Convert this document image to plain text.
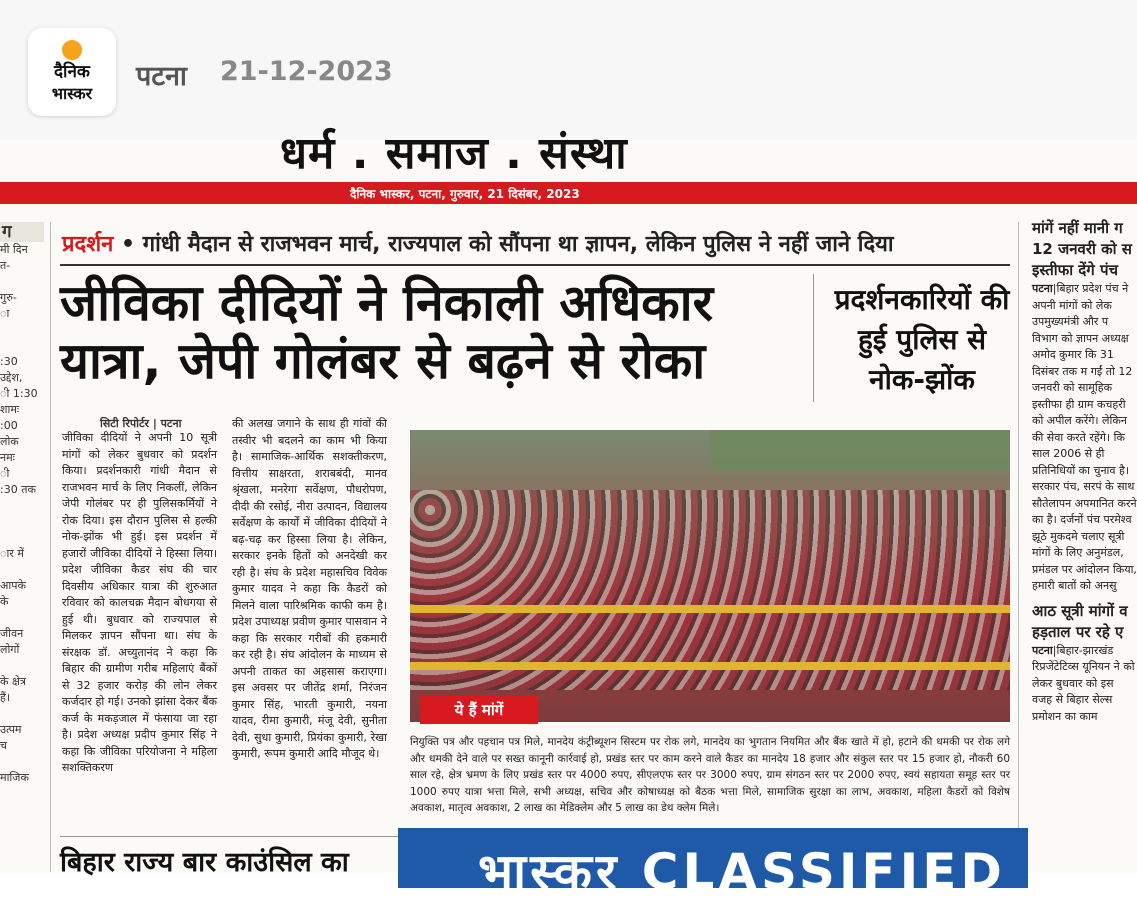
दैनिक
भास्कर
पटना 21-12-2023
धर्म . समाज . संस्था
दैनिक भास्कर, पटना, गुरुवार, 21 दिसंबर, 2023
ग
मी दिन
त-
गुरु-
ा
:30
उद्देश,
ी 1:30
शामः
:00
लोक
नमः
ी
:30 तक
ार में
आपके
के
जीवन
लोगों
के क्षेत्र
हैं।
उत्पम
च
माजिक
प्रदर्शन • गांधी मैदान से राजभवन मार्च, राज्यपाल को सौंपना था ज्ञापन, लेकिन पुलिस ने नहीं जाने दिया
जीविका दीदियों ने निकाली अधिकार यात्रा, जेपी गोलंबर से बढ़ने से रोका
प्रदर्शनकारियों की हुई पुलिस से नोक-झोंक
सिटी रिपोर्टर | पटना
जीविका दीदियों ने अपनी 10 सूत्री मांगों को लेकर बुधवार को प्रदर्शन किया। प्रदर्शनकारी गांधी मैदान से राजभवन मार्च के लिए निकलीं, लेकिन जेपी गोलंबर पर ही पुलिसकर्मियों ने रोक दिया। इस दौरान पुलिस से हल्की नोक-झोंक भी हुई। इस प्रदर्शन में हजारों जीविका दीदियों ने हिस्सा लिया। प्रदेश जीविका कैडर संघ की चार दिवसीय अधिकार यात्रा की शुरुआत रविवार को कालचक्र मैदान बोधगया से हुई थी। बुधवार को राज्यपाल से मिलकर ज्ञापन सौंपना था। संघ के संरक्षक डॉ. अच्युतानंद ने कहा कि बिहार की ग्रामीण गरीब महिलाएं बैंकों से 32 हजार करोड़ की लोन लेकर कर्जदार हो गई। उनको झांसा देकर बैंक कर्ज के मकड़जाल में फंसाया जा रहा है। प्रदेश अध्यक्ष प्रदीप कुमार सिंह ने कहा कि जीविका परियोजना ने महिला सशक्तिकरण
की अलख जगाने के साथ ही गांवों की तस्वीर भी बदलने का काम भी किया है। सामाजिक-आर्थिक सशक्तीकरण, वित्तीय साक्षरता, शराबबंदी, मानव श्रृंखला, मनरेगा सर्वेक्षण, पौधरोपण, दीदी की रसोई, नीरा उत्पादन, विद्यालय सर्वेक्षण के कार्यों में जीविका दीदियों ने बढ़-चढ़ कर हिस्सा लिया है। लेकिन, सरकार इनके हितों को अनदेखी कर रही है। संघ के प्रदेश महासचिव विवेक कुमार यादव ने कहा कि कैडरों को मिलने वाला पारिश्रमिक काफी कम है। प्रदेश उपाध्यक्ष प्रवीण कुमार पासवान ने कहा कि सरकार गरीबों की हकमारी कर रही है। संघ आंदोलन के माध्यम से अपनी ताकत का अहसास कराएगा। इस अवसर पर जीतेंद्र शर्मा, निरंजन कुमार सिंह, भारती कुमारी, नयना यादव, रीमा कुमारी, मंजू देवी, सुनीता देवी, सुधा कुमारी, प्रियंका कुमारी, रेखा कुमारी, रूपम कुमारी आदि मौजूद थे।
ये हैं मांगें
नियुक्ति पत्र और पहचान पत्र मिले, मानदेय कंट्रीब्यूशन सिस्टम पर रोक लगे, मानदेय का भुगतान नियमित और बैंक खाते में हो, हटाने की धमकी पर रोक लगे और धमकी देने वाले पर सख्त कानूनी कार्रवाई हो, प्रखंड स्तर पर काम करने वाले कैडर का मानदेय 18 हजार और संकुल स्तर पर 15 हजार हो, नौकरी 60 साल रहे, क्षेत्र भ्रमण के लिए प्रखंड स्तर पर 4000 रुपए, सीएलएफ स्तर पर 3000 रुपए, ग्राम संगठन स्तर पर 2000 रुपए, स्वयं सहायता समूह स्तर पर 1000 रुपए यात्रा भत्ता मिले, सभी अध्यक्ष, सचिव और कोषाध्यक्ष को बैठक भत्ता मिले, सामाजिक सुरक्षा का लाभ, अवकाश, महिला कैडरों को विशेष अवकाश, मातृत्व अवकाश, 2 लाख का मेडिक्लेम और 5 लाख का डेथ क्लेम मिले।
बिहार राज्य बार काउंसिल का	भास्कर CLASSIFIED
मांगें नहीं मानी ग 12 जनवरी को स इस्तीफा देंगे पंच

पटना|बिहार प्रदेश पंच ने अपनी मांगों को लेक उपमुख्यमंत्री और प विभाग को ज्ञापन अध्यक्ष अमोद कुमार कि 31 दिसंबर तक म गईं तो 12 जनवरी को सामूहिक इस्तीफा ही ग्राम कचहरी को अपील करेंगे। लेकिन की सेवा करते रहेंगे। कि साल 2006 से ही प्रतिनिधियों का चुनाव है। सरकार पंच, सरपं के साथ सौतेलापन अपमानित करने का है। दर्जनों पंच परमेश्व झूठे मुकदमे चलाए सूत्री मांगों के लिए अनुमंडल, प्रमंडल पर आंदोलन किया, हमारी बातों को अनसु

आठ सूत्री मांगों व हड़ताल पर रहे ए

पटना|बिहार-झारखंड रिप्रजेंटेटिव्स यूनियन ने को लेकर बुधवार को इस वजह से बिहार सेल्स प्रमोशन का काम
